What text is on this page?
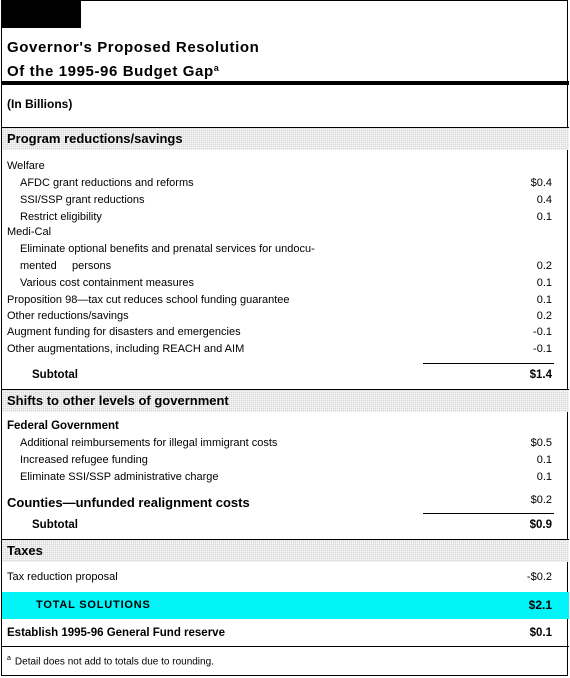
Governor's Proposed Resolution
Of the 1995-96 Budget Gap$^a$
(In Billions)
Program reductions/savings
Welfare
AFDC grant reductions and reforms	$0.4
SSI/SSP grant reductions	0.4
Restrict eligibility	0.1
Medi-Cal
Eliminate optional benefits and prenatal services for undocu-
mented     persons	0.2
Various cost containment measures	0.1
Proposition 98—tax cut reduces school funding guarantee	0.1
Other reductions/savings	0.2
Augment funding for disasters and emergencies	-0.1
Other augmentations, including REACH and AIM	-0.1
Subtotal	$1.4
Shifts to other levels of government
Federal Government
Additional reimbursements for illegal immigrant costs	$0.5
Increased refugee funding	0.1
Eliminate SSI/SSP administrative charge	0.1
Counties—unfunded realignment costs	$0.2
Subtotal	$0.9
Taxes
Tax reduction proposal	-$0.2
TOTAL SOLUTIONS	$2.1
Establish 1995-96 General Fund reserve	$0.1
$^a$ Detail does not add to totals due to rounding.
